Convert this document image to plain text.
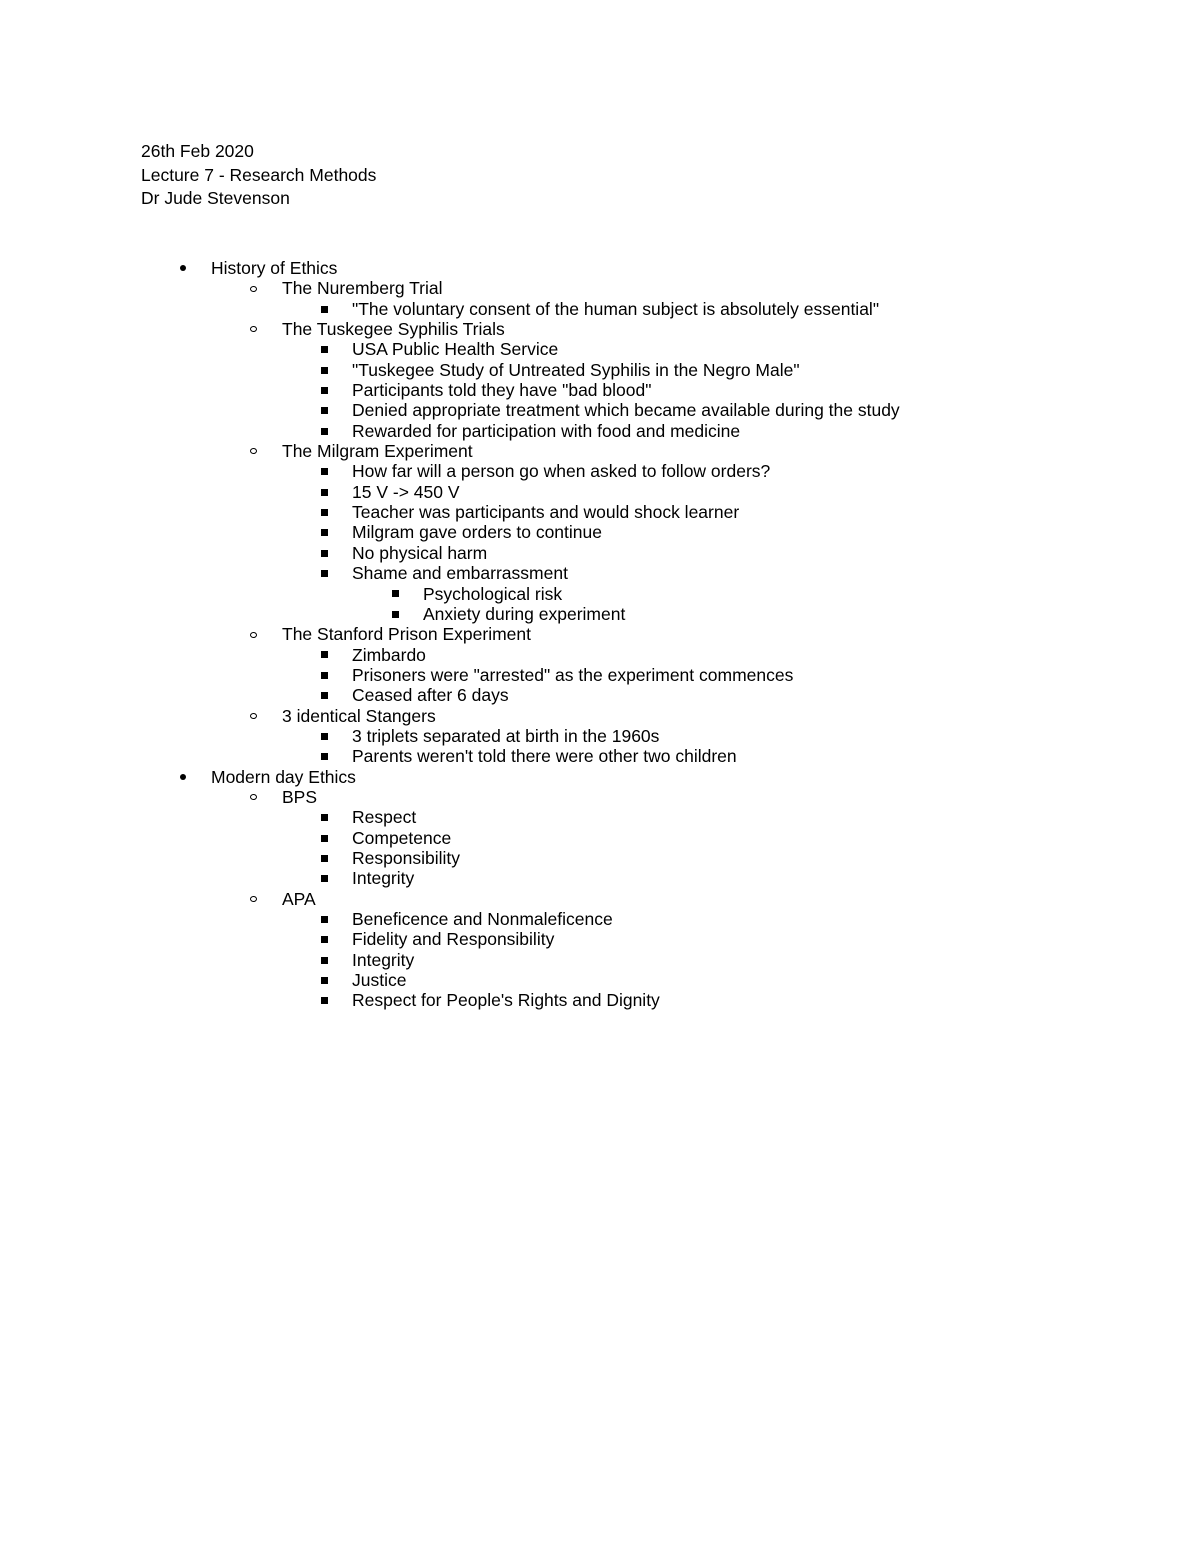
26th Feb 2020
Lecture 7 - Research Methods
Dr Jude Stevenson
History of Ethics
The Nuremberg Trial
"The voluntary consent of the human subject is absolutely essential"
The Tuskegee Syphilis Trials
USA Public Health Service
"Tuskegee Study of Untreated Syphilis in the Negro Male"
Participants told they have "bad blood"
Denied appropriate treatment which became available during the study
Rewarded for participation with food and medicine
The Milgram Experiment
How far will a person go when asked to follow orders?
15 V -> 450 V
Teacher was participants and would shock learner
Milgram gave orders to continue
No physical harm
Shame and embarrassment
Psychological risk
Anxiety during experiment
The Stanford Prison Experiment
Zimbardo
Prisoners were "arrested" as the experiment commences
Ceased after 6 days
3 identical Stangers
3 triplets separated at birth in the 1960s
Parents weren't told there were other two children
Modern day Ethics
BPS
Respect
Competence
Responsibility
Integrity
APA
Beneficence and Nonmaleficence
Fidelity and Responsibility
Integrity
Justice
Respect for People's Rights and Dignity
